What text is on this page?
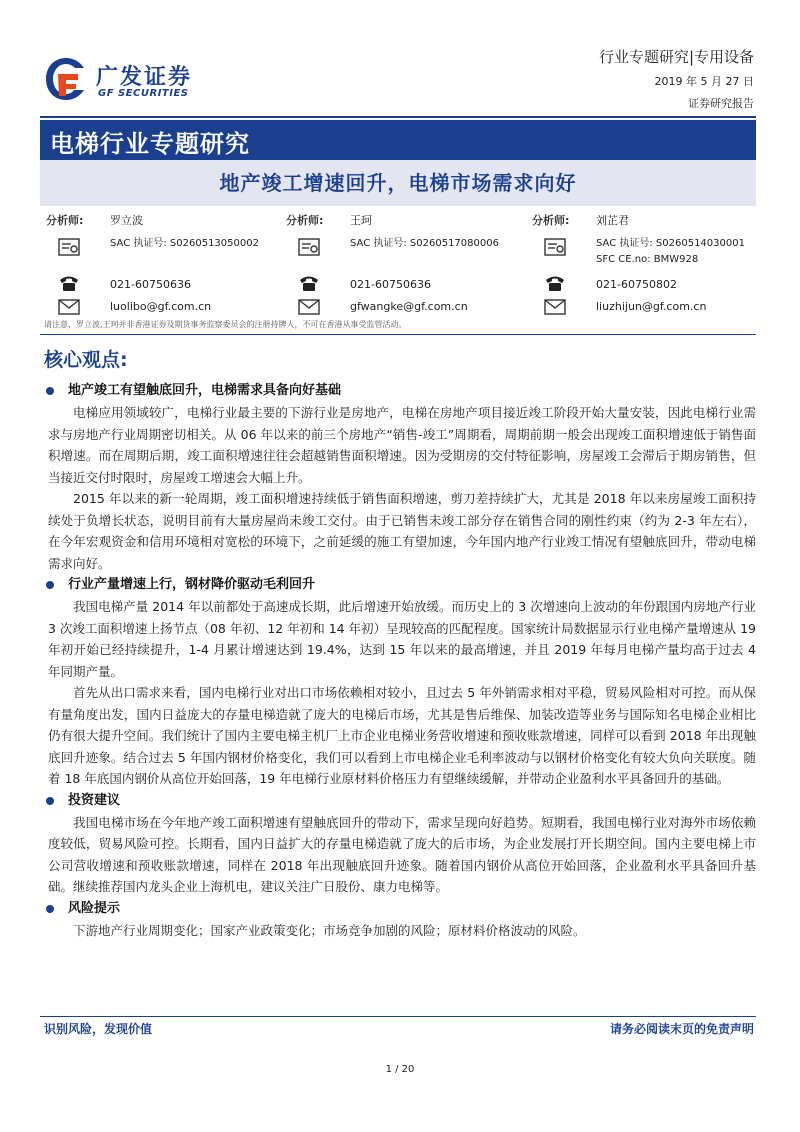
广发证券
GF SECURITIES
行业专题研究|专用设备
2019 年 5 月 27 日
证券研究报告
电梯行业专题研究
地产竣工增速回升，电梯市场需求向好
分析师: 罗立波
SAC 执证号: S0260513050002
021-60750636
luolibo@gf.com.cn
分析师: 王珂
SAC 执证号: S0260517080006
021-60750636
gfwangke@gf.com.cn
分析师: 刘芷君
SAC 执证号: S0260514030001
SFC CE.no: BMW928
021-60750802
liuzhijun@gf.com.cn
请注意，罗立波,王珂并非香港证券及期货事务监察委员会的注册持牌人，不可在香港从事受监管活动。
核心观点:
地产竣工有望触底回升，电梯需求具备向好基础

电梯应用领域较广，电梯行业最主要的下游行业是房地产，电梯在房地产项目接近竣工阶段开始大量安装，因此电梯行业需求与房地产行业周期密切相关。从 06 年以来的前三个房地产“销售-竣工”周期看，周期前期一般会出现竣工面积增速低于销售面积增速。而在周期后期，竣工面积增速往往会超越销售面积增速。因为受期房的交付特征影响，房屋竣工会滞后于期房销售，但当接近交付时限时，房屋竣工增速会大幅上升。

2015 年以来的新一轮周期，竣工面积增速持续低于销售面积增速，剪刀差持续扩大，尤其是 2018 年以来房屋竣工面积持续处于负增长状态，说明目前有大量房屋尚未竣工交付。由于已销售未竣工部分存在销售合同的刚性约束（约为 2-3 年左右），在今年宏观资金和信用环境相对宽松的环境下，之前延缓的施工有望加速，今年国内地产行业竣工情况有望触底回升，带动电梯需求向好。

行业产量增速上行，钢材降价驱动毛利回升

我国电梯产量 2014 年以前都处于高速成长期，此后增速开始放缓。而历史上的 3 次增速向上波动的年份跟国内房地产行业 3 次竣工面积增速上扬节点（08 年初、12 年初和 14 年初）呈现较高的匹配程度。国家统计局数据显示行业电梯产量增速从 19 年初开始已经持续提升，1-4 月累计增速达到 19.4%，达到 15 年以来的最高增速，并且 2019 年每月电梯产量均高于过去 4 年同期产量。

首先从出口需求来看，国内电梯行业对出口市场依赖相对较小，且过去 5 年外销需求相对平稳，贸易风险相对可控。而从保有量角度出发，国内日益庞大的存量电梯造就了庞大的电梯后市场，尤其是售后维保、加装改造等业务与国际知名电梯企业相比仍有很大提升空间。我们统计了国内主要电梯主机厂上市企业电梯业务营收增速和预收账款增速，同样可以看到 2018 年出现触底回升迹象。结合过去 5 年国内钢材价格变化，我们可以看到上市电梯企业毛利率波动与以钢材价格变化有较大负向关联度。随着 18 年底国内钢价从高位开始回落，19 年电梯行业原材料价格压力有望继续缓解，并带动企业盈利水平具备回升的基础。

投资建议

我国电梯市场在今年地产竣工面积增速有望触底回升的带动下，需求呈现向好趋势。短期看，我国电梯行业对海外市场依赖度较低，贸易风险可控。长期看，国内日益扩大的存量电梯造就了庞大的后市场，为企业发展打开长期空间。国内主要电梯上市公司营收增速和预收账款增速，同样在 2018 年出现触底回升迹象。随着国内钢价从高位开始回落，企业盈利水平具备回升基础。继续推荐国内龙头企业上海机电，建议关注广日股份、康力电梯等。

风险提示

下游地产行业周期变化；国家产业政策变化；市场竞争加剧的风险；原材料价格波动的风险。

识别风险，发现价值	请务必阅读末页的免责声明
1 / 20
